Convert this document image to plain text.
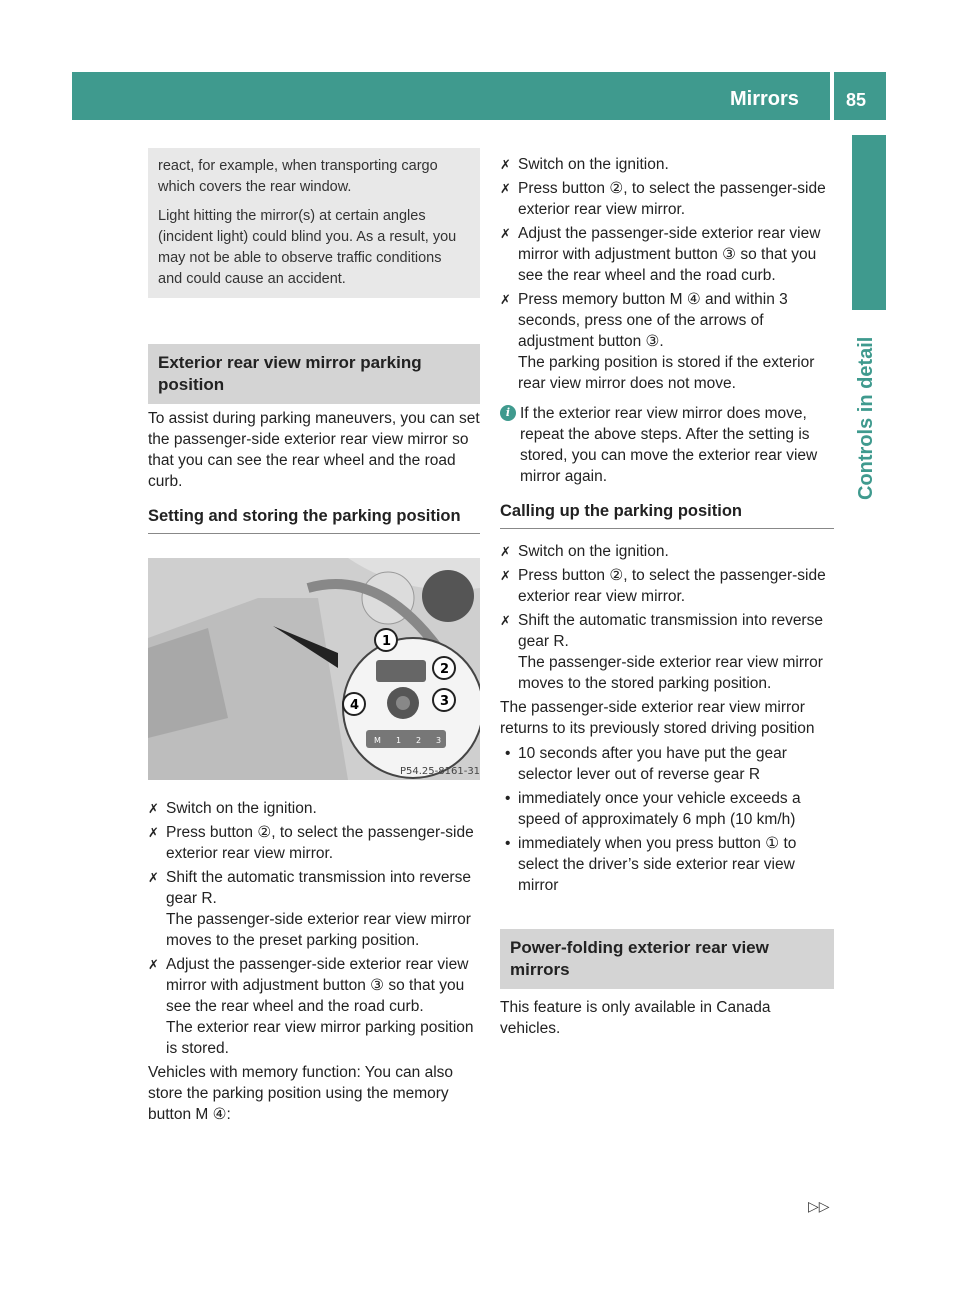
Mirrors	85
Controls in detail

react, for example, when transporting cargo which covers the rear window.

Light hitting the mirror(s) at certain angles (incident light) could blind you. As a result, you may not be able to observe traffic conditions and could cause an accident.

Exterior rear view mirror parking position

To assist during parking maneuvers, you can set the passenger-side exterior rear view mirror so that you can see the rear wheel and the road curb.

Setting and storing the parking position
M 1 2 3
1
2
3
4
P54.25-8161-31
✗ Switch on the ignition.
✗ Press button ②, to select the passenger-side exterior rear view mirror.
✗ Shift the automatic transmission into reverse gear R.
The passenger-side exterior rear view mirror moves to the preset parking position.
✗ Adjust the passenger-side exterior rear view mirror with adjustment button ③ so that you see the rear wheel and the road curb.
The exterior rear view mirror parking position is stored.

Vehicles with memory function: You can also store the parking position using the memory button M ④:

✗ Switch on the ignition.
✗ Press button ②, to select the passenger-side exterior rear view mirror.
✗ Adjust the passenger-side exterior rear view mirror with adjustment button ③ so that you see the rear wheel and the road curb.
✗ Press memory button M ④ and within 3 seconds, press one of the arrows of adjustment button ③.
The parking position is stored if the exterior rear view mirror does not move.
i If the exterior rear view mirror does move, repeat the above steps. After the setting is stored, you can move the exterior rear view mirror again.
Calling up the parking position
✗ Switch on the ignition.
✗ Press button ②, to select the passenger-side exterior rear view mirror.
✗ Shift the automatic transmission into reverse gear R.
The passenger-side exterior rear view mirror moves to the stored parking position.

The passenger-side exterior rear view mirror returns to its previously stored driving position

• 10 seconds after you have put the gear selector lever out of reverse gear R
• immediately once your vehicle exceeds a speed of approximately 6 mph (10 km/h)
• immediately when you press button ① to select the driver’s side exterior rear view mirror
Power-folding exterior rear view mirrors

This feature is only available in Canada vehicles.

▷▷
